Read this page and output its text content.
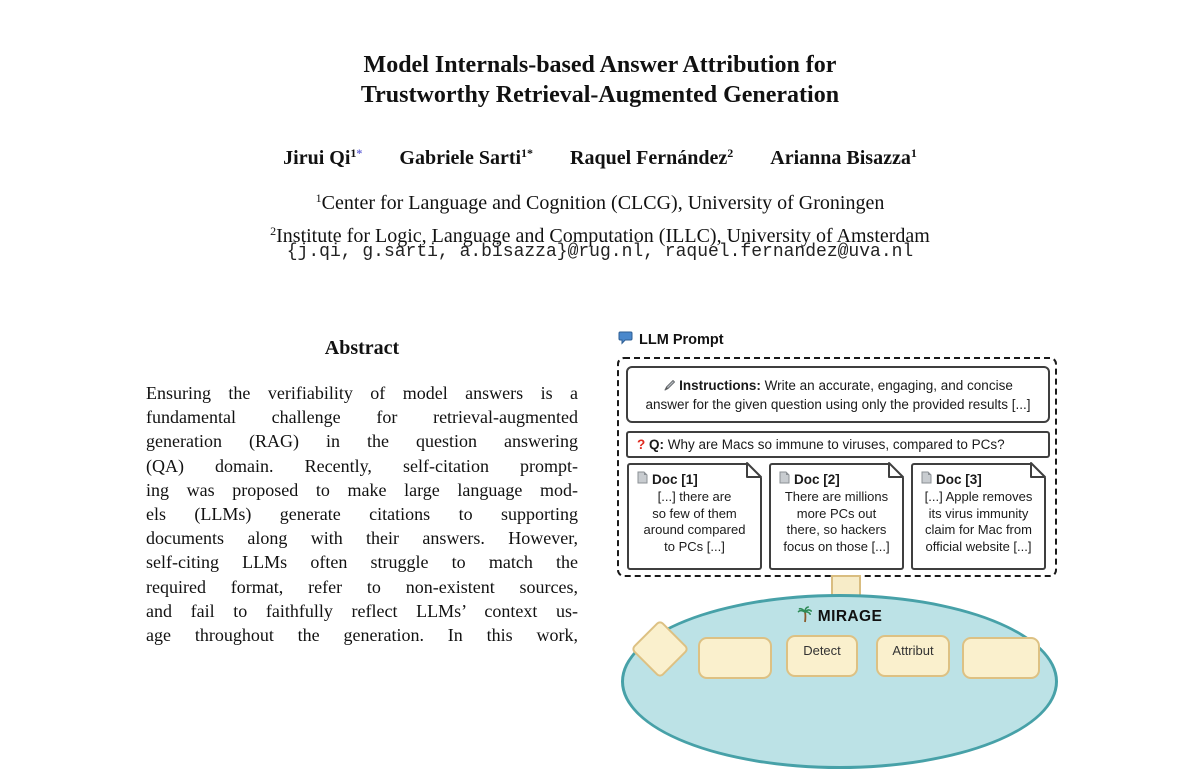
Model Internals-based Answer Attribution for
Trustworthy Retrieval-Augmented Generation
Jirui $Qi^{1*}$ Gabriele Sarti$^{1*}$ Raquel Fernández$^2$ Arianna Bisazza$^1$
$^1$Center for Language and Cognition (CLCG), University of Groningen
$^2$Institute for Logic, Language and Computation (ILLC), University of Amsterdam
{j.qi, g.sarti, a.bisazza}@rug.nl, raquel.fernandez@uva.nl
Abstract
Ensuring the verifiability of model answers is a
fundamental challenge for retrieval-augmented
generation (RAG) in the question answering
(QA) domain. Recently, self-citation prompt-
ing was proposed to make large language mod-
els (LLMs) generate citations to supporting
documents along with their answers. However,
self-citing LLMs often struggle to match the
required format, refer to non-existent sources,
and fail to faithfully reflect LLMs’ context us-
age throughout the generation. In this work,
LLM Prompt
Instructions: Write an accurate, engaging, and concise
answer for the given question using only the provided results [...]
? Q: Why are Macs so immune to viruses, compared to PCs?
Doc [1]
[...] there are
so few of them
around compared
to PCs [...]
Doc [2]
There are millions
more PCs out
there, so hackers
focus on those [...]
Doc [3]
[...] Apple removes
its virus immunity
claim for Mac from
official website [...]
MIRAGE
Detect	Attribut
